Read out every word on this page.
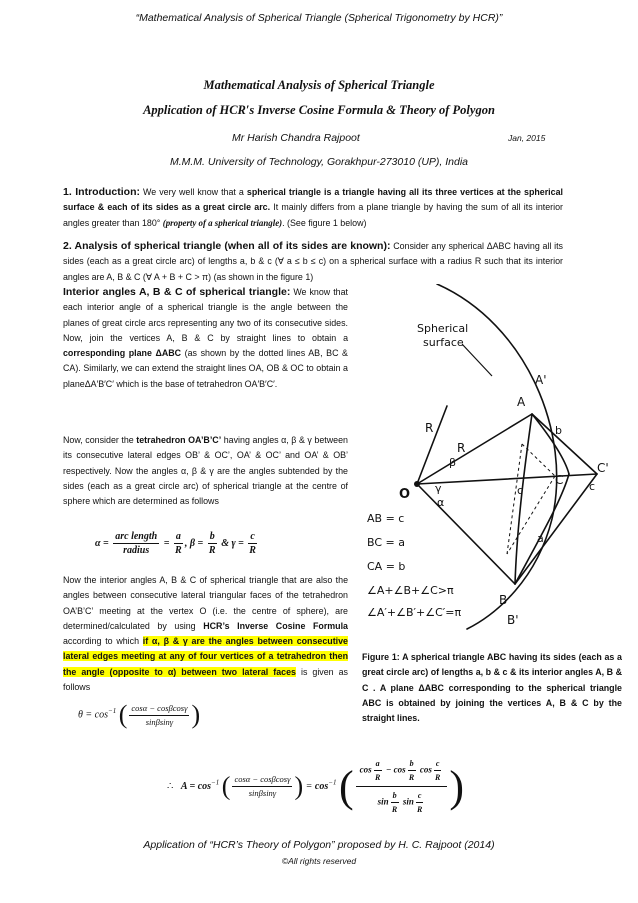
“Mathematical Analysis of Spherical Triangle (Spherical Trigonometry by HCR)”
Mathematical Analysis of Spherical Triangle
Application of HCR′s Inverse Cosine Formula & Theory of Polygon
Mr Harish Chandra Rajpoot	Jan, 2015
M.M.M. University of Technology, Gorakhpur-273010 (UP), India
1. Introduction: We very well know that a spherical triangle is a triangle having all its three vertices at the spherical surface & each of its sides as a great circle arc. It mainly differs from a plane triangle by having the sum of all its interior angles greater than 180° (property of a spherical triangle). (See figure 1 below)
2. Analysis of spherical triangle (when all of its sides are known): Consider any spherical ΔABC having all its sides (each as a great circle arc) of lengths a, b & c (∀ a ≤ b ≤ c) on a spherical surface with a radius R such that its interior angles are A, B & C (∀ A + B + C > π) (as shown in the figure 1)
Interior angles A, B & C of spherical triangle: We know that each interior angle of a spherical triangle is the angle between the planes of great circle arcs representing any two of its consecutive sides. Now, join the vertices A, B & C by straight lines to obtain a corresponding plane ΔABC (as shown by the dotted lines AB, BC & CA). Similarly, we can extend the straight lines OA, OB & OC to obtain a planeΔA′B′C′ which is the base of tetrahedron OA′B′C′.
Now, consider the tetrahedron OA’B’C’ having angles α, β & γ between its consecutive lateral edges OB’ & OC’, OA’ & OC’ and OA’ & OB’ respectively. Now the angles α, β & γ are the angles subtended by the sides (each as a great circle arc) of spherical triangle at the centre of sphere which are determined as follows
$\alpha = \frac{\text{arc length}}{\text{radius}} = \frac{a}{R}$ , $\beta = \frac{b}{R}$ & $\gamma = \frac{c}{R}$
Now the interior angles A, B & C of spherical triangle that are also the angles between consecutive lateral triangular faces of the tetrahedron OA’B’C’ meeting at the vertex O (i.e. the centre of sphere), are determined/calculated by using HCR’s Inverse Cosine Formula according to which if α, β & γ are the angles between consecutive lateral edges meeting at any of four vertices of a tetrahedron then the angle (opposite to α) between two lateral faces is given as follows
$\theta = \cos^{-1}$ ( $\frac{\cos\alpha - \cos\beta\cos\gamma}{\sin\beta\sin\gamma}$ )
∴ $A = \cos^{-1}$ ( $\frac{\cos\alpha - \cos\beta\cos\gamma}{\sin\beta\sin\gamma}$ ) = $\cos^{-1}$ ( $\frac{\cos \frac{a}{R} - \cos \frac{b}{R} \cos \frac{c}{R}}{\sin \frac{b}{R} \sin \frac{c}{R}}$ )
Spherical
surface
O
A
A'
B
B'
C
C'
R
R
a
b
c	c
β
γ
α
AB = c
BC = a
CA = b
∠A+∠B+∠C>π
∠A′+∠B′+∠C′=π
Figure 1: A spherical triangle ABC having its sides (each as a great circle arc) of lengths a, b & c & its interior angles A, B & C . A plane ΔABC corresponding to the spherical triangle ABC is obtained by joining the vertices A, B & C by the straight lines.
Application of “HCR’s Theory of Polygon” proposed by H. C. Rajpoot (2014)
©All rights reserved
